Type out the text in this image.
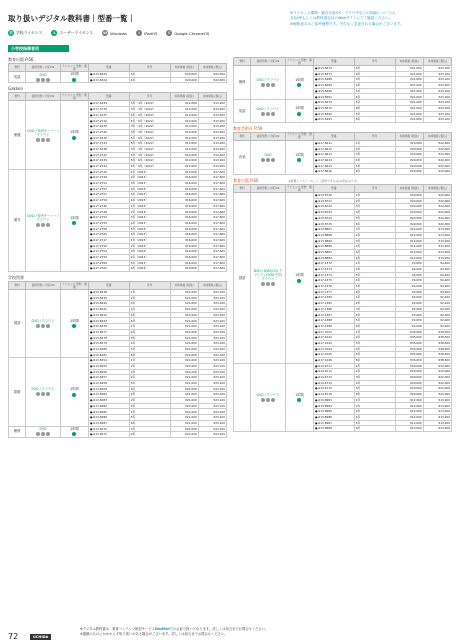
取り扱いデジタル教科書｜型番一覧｜
※ライセンス期間・動作対象OS・ブラウザなどの詳細については、
各社HPもしくは教科書会社のWebサイトにてご確認ください。
※価格表示はご参考価格です。予告なく変更される場合がございます。
学 学校ライセンス	ユ ユーザーライセンス	W Windows	i	iPadOS	C Google ChromeOS
小学校指導者用
教育出版 P.56
教科	提供形態 / 対応OS	ライセンス 形態・期間	型番	学年	本体価格 (税抜)	本体価格 (税込)
英語	DVD	1年間	●-613-8423	5年	¥20,000	¥22,000
			●-613-8424	6年	¥20,000	¥22,000
Gakken
教科	提供形態 / 対応OS	ライセンス 形態・期間	型番	学年	本体価格 (税抜)	本体価格 (税込)
保健	DVD / 校内サーバー / クラウド	1年間	●-617-1634	3年・4年（2022）	¥12,000	¥13,200
			●-617-3739	3年・4年（2022）	¥12,000	¥13,200
			●-617-1637	5年・6年（2022）	¥12,000	¥13,200
			●-617-2742	5年・6年（2022）	¥12,000	¥13,200
			●-617-1635	3年・4年（2022）	¥12,000	¥13,200
			●-617-2740	3年・4年（2022）	¥12,000	¥13,200
			●-617-1636	5年・6年（2022）	¥12,000	¥13,200
			●-617-2743	5年・6年（2022）	¥12,000	¥13,200
			●-617-1638	3年・4年（2022）	¥12,000	¥13,200
			●-617-2741	3年・4年（2022）	¥12,000	¥13,200
			●-617-1639	5年・6年（2022）	¥12,000	¥13,200
			●-617-2744	5年・6年（2022）	¥12,000	¥13,200
書写	DVD / 校内サーバー / クラウド	1年間	●-617-2745	1年（2023）	¥16,000	¥17,600
			●-617-2749	2年（2023）	¥16,000	¥17,600
			●-617-2751	3年（2023）	¥16,000	¥17,600
			●-617-2753	4年（2023）	¥16,000	¥17,600
			●-617-2757	5年（2023）	¥16,000	¥17,600
			●-617-2759	6年（2023）	¥16,000	¥17,600
			●-617-2746	1年（2023）	¥16,000	¥17,600
			●-617-2748	2年（2023）	¥16,000	¥17,600
			●-617-2752	3年（2023）	¥16,000	¥17,600
			●-617-2755	4年（2023）	¥16,000	¥17,600
			●-617-2758	5年（2023）	¥16,000	¥17,600
			●-617-2761	6年（2023）	¥16,000	¥17,600
			●-617-2747	1年（2023）	¥16,000	¥17,600
			●-617-2750	2年（2023）	¥16,000	¥17,600
			●-617-2754	3年（2023）	¥16,000	¥17,600
			●-617-2756	4年（2023）	¥16,000	¥17,600
			●-617-2760	5年（2023）	¥16,000	¥17,600
			●-617-2762	6年（2023）	¥16,000	¥17,600
学校図書
教科	提供形態 / 対応OS	ライセンス 形態・期間	型番	学年	本体価格 (税抜)	本体価格 (税込)
国語	DVD / クラウド	1年間	●-613-8438	1年	¥21,000	¥23,100
			●-613-8439	2年	¥21,000	¥23,100
			●-613-8440	3年	¥21,000	¥23,100
			●-613-8441	4年	¥21,000	¥23,100
			●-613-8442	5年	¥21,000	¥23,100
			●-613-8443	6年	¥21,000	¥23,100
			●-613-8476	1年	¥21,000	¥23,100
			●-613-8477	2年	¥21,000	¥23,100
			●-613-8478	3年	¥21,000	¥23,100
			●-613-8479	4年	¥21,000	¥23,100
			●-613-8480	5年	¥21,000	¥23,100
			●-613-8481	6年	¥21,000	¥23,100
算数	DVD / クラウド	1年間	●-613-8454	1年	¥21,000	¥23,100
			●-613-8455	2年	¥21,000	¥23,100
			●-613-8456	3年	¥21,000	¥23,100
			●-613-8457	4年	¥21,000	¥23,100
			●-613-8458	5年	¥21,000	¥23,100
			●-613-8459	6年	¥21,000	¥23,100
			●-613-8482	1年	¥21,000	¥23,100
			●-613-8483	2年	¥21,000	¥23,100
			●-613-8484	3年	¥21,000	¥23,100
			●-613-8485	4年	¥21,000	¥23,100
			●-613-8486	5年	¥21,000	¥23,100
			●-613-8487	6年	¥21,000	¥23,100
理科	DVD	1年間	●-613-8470	3年	¥21,000	¥23,100
			●-613-8471	4年	¥21,000	¥23,100
教科	提供形態 / 対応OS	ライセンス 形態・期間	型番	学年	本体価格 (税抜)	本体価格 (税込)
理科	DVD / クラウド	1年間	●-613-8472	5年	¥21,000	¥23,100
			●-613-8473	6年	¥21,000	¥23,100
			●-613-8488	3年	¥21,000	¥23,100
			●-613-8489	4年	¥21,000	¥23,100
			●-613-8490	5年	¥21,000	¥23,100
			●-613-8491	6年	¥21,000	¥23,100
英語	DVD / クラウド	1年間	●-613-8474	5年	¥21,000	¥23,100
			●-613-8475	6年	¥21,000	¥23,100
			●-613-8492	5年	¥21,000	¥23,100
			●-613-8493	6年	¥21,000	¥23,100
教育芸術社 P.59
教科	提供形態 / 対応OS	ライセンス 形態・期間	型番	学年	本体価格 (税抜)	本体価格 (税込)
音楽	DVD	1年間	●-617-6611	1年	¥20,000	¥22,000
			●-617-6612	2年	¥20,000	¥22,000
			●-617-6613	3年	¥20,000	¥22,000
			●-617-6614	4年	¥20,000	¥22,000
			●-617-6615	5年	¥20,000	¥22,000
			●-617-6616	6年	¥20,000	¥22,000
教育出版 P.60	※新規インストールしてご使用できるのは1回のみです。
教科	提供形態 / 対応OS	ライセンス 形態・期間	型番	学年	本体価格 (税抜)	本体価格 (税込)
国語	DVD / DVD(CD) クラウド / DVD(中学) クラウド	1年間	●-613-8720	1年	¥20,000	¥22,000
			●-613-8721	2年	¥20,000	¥22,000
			●-613-8722	3年	¥20,000	¥22,000
			●-613-8723	4年	¥20,000	¥22,000
			●-613-8724	5年	¥20,000	¥22,000
			●-613-8725	6年	¥20,000	¥22,000
			●-613-8867	1年	¥12,000	¥13,200
			●-613-8868	2年	¥12,000	¥13,200
			●-613-8869	3年	¥12,000	¥13,200
			●-613-8880	4年	¥12,000	¥13,200
			●-613-8881	5年	¥12,000	¥13,200
			●-613-8882	6年	¥12,000	¥13,200
			●-617-1372	1年	¥4,000	¥4,400
			●-617-1373	2年	¥4,000	¥4,400
			●-617-1374	3年	¥4,000	¥4,400
			●-617-1375	4年	¥4,000	¥4,400
			●-617-1376	5年	¥4,000	¥4,400
			●-617-1377	6年	¥4,000	¥4,400
			●-617-1384	1年	¥2,000	¥2,200
			●-617-1385	2年	¥2,000	¥2,200
			●-617-1386	3年	¥2,000	¥2,200
			●-617-1387	4年	¥2,000	¥2,200
			●-617-1388	5年	¥2,000	¥2,200
			●-617-1389	6年	¥2,000	¥2,200
			●-617-1041	1年	¥35,000	¥38,500
			●-617-1042	2年	¥35,000	¥38,500
			●-617-1043	3年	¥35,000	¥38,500
			●-617-1044	4年	¥35,000	¥38,500
			●-617-1045	5年	¥35,000	¥38,500
			●-617-1046	6年	¥35,000	¥38,500

	DVD / クラウド	1年間	●-614-6711	1年	¥20,000	¥22,000
			●-614-6712	2年	¥20,000	¥22,000
			●-614-6713	3年	¥20,000	¥22,000
			●-614-6714	4年	¥20,000	¥22,000
			●-614-6715	5年	¥20,000	¥22,000
			●-614-6716	6年	¥20,000	¥22,000
			●-613-8983	1年	¥12,000	¥13,200
			●-613-8984	2年	¥12,000	¥13,200
			●-613-8985	3年	¥12,000	¥13,200
			●-613-8986	4年	¥12,000	¥13,200
			●-613-8987	5年	¥12,000	¥13,200
			●-613-8988	6年	¥12,000	¥13,200
※デジタル教科書は、教育コンテンツ配信サービスEduMallでのお取り扱いとなります。詳しくは担当までお問合せください。
※掲載のものにかかわらず取り扱いがある場合がございます。詳しくは担当までお問合せください。
72	UCHIDA
